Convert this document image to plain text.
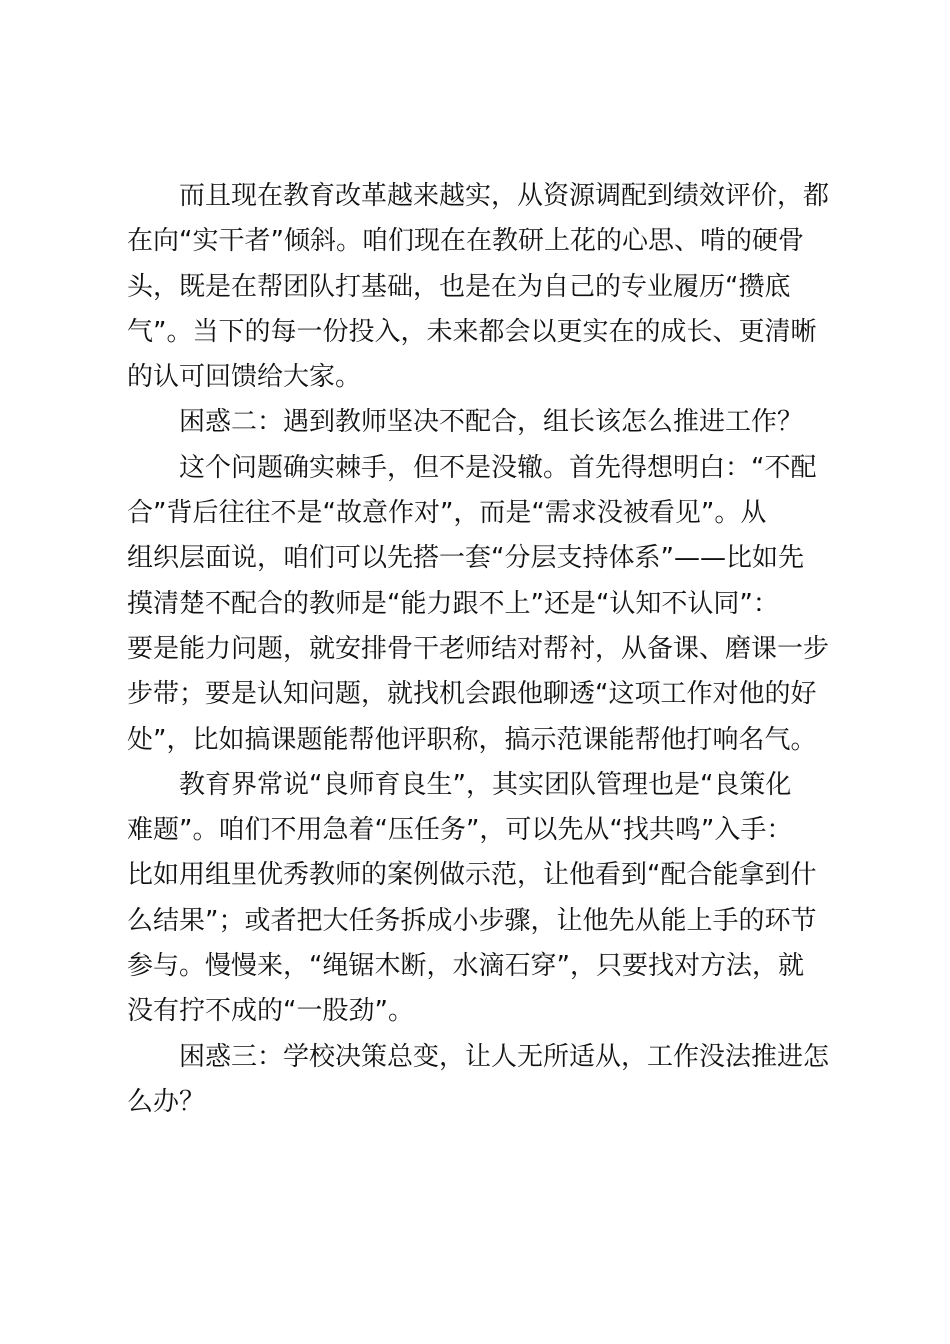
而且现在教育改革越来越实，从资源调配到绩效评价，都
在向“实干者”倾斜。咱们现在在教研上花的心思、啃的硬骨
头，既是在帮团队打基础，也是在为自己的专业履历“攒底
气”。当下的每一份投入，未来都会以更实在的成长、更清晰
的认可回馈给大家。
困惑二：遇到教师坚决不配合，组长该怎么推进工作？
这个问题确实棘手，但不是没辙。首先得想明白：“不配
合”背后往往不是“故意作对”，而是“需求没被看见”。从
组织层面说，咱们可以先搭一套“分层支持体系”——比如先
摸清楚不配合的教师是“能力跟不上”还是“认知不认同”：
要是能力问题，就安排骨干老师结对帮衬，从备课、磨课一步
步带；要是认知问题，就找机会跟他聊透“这项工作对他的好
处”，比如搞课题能帮他评职称，搞示范课能帮他打响名气。
教育界常说“良师育良生”，其实团队管理也是“良策化
难题”。咱们不用急着“压任务”，可以先从“找共鸣”入手：
比如用组里优秀教师的案例做示范，让他看到“配合能拿到什
么结果”；或者把大任务拆成小步骤，让他先从能上手的环节
参与。慢慢来，“绳锯木断，水滴石穿”，只要找对方法，就
没有拧不成的“一股劲”。
困惑三：学校决策总变，让人无所适从，工作没法推进怎
么办？
